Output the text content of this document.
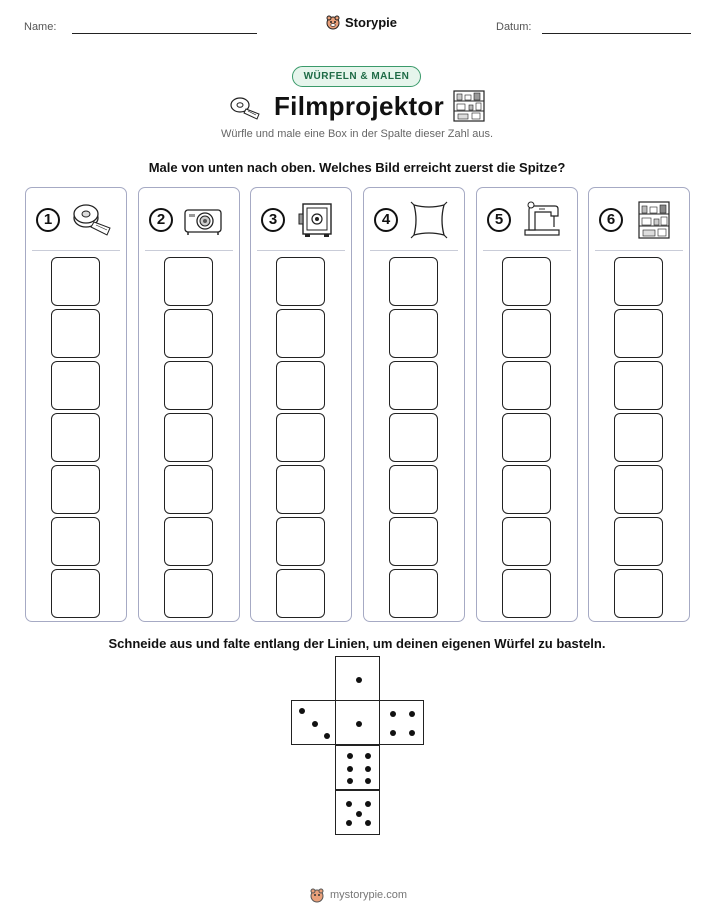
Name:	Storypie	Datum:
WÜRFELN & MALEN
Filmprojektor
Würfle und male eine Box in der Spalte dieser Zahl aus.
Male von unten nach oben. Welches Bild erreicht zuerst die Spitze?
1	2	3	4	5	6
Schneide aus und falte entlang der Linien, um deinen eigenen Würfel zu basteln.
mystorypie.com
